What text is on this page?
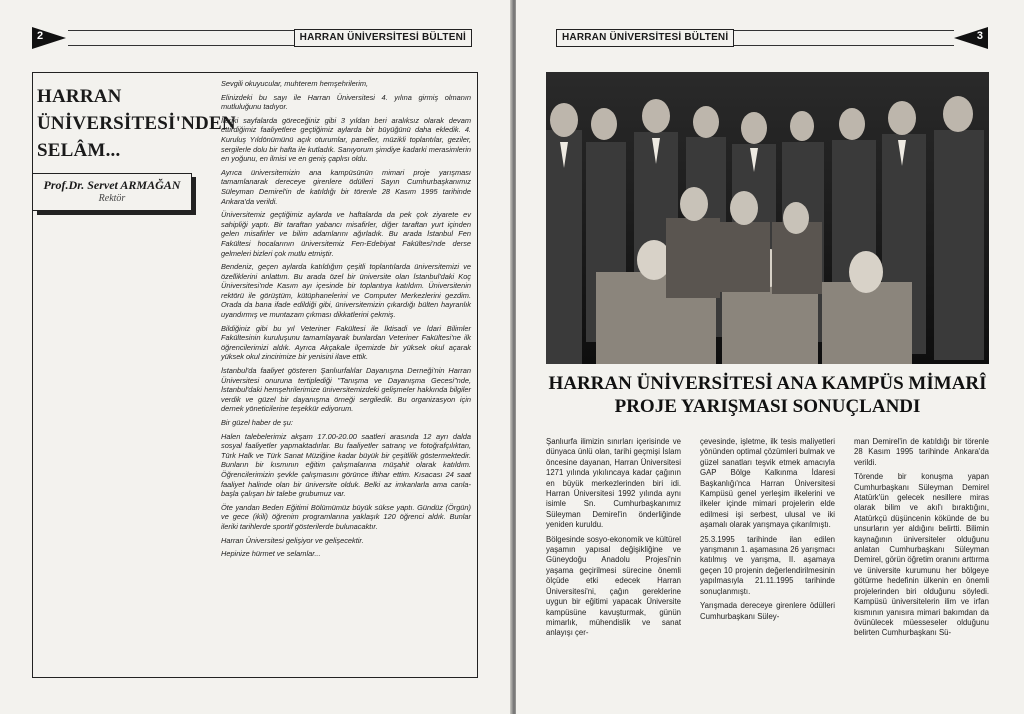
2	HARRAN ÜNİVERSİTESİ BÜLTENİ
HARRAN
ÜNİVERSİTESİ'NDEN
SELÂM...
Prof.Dr. Servet ARMAĞAN
Rektör

Sevgili okuyucular, muhterem hemşehrilerim,

Elinizdeki bu sayı ile Harran Üniversitesi 4. yılına girmiş olmanın mutluluğunu tadıyor.

İleriki sayfalarda göreceğiniz gibi 3 yıldan beri aralıksız olarak devam ettirdiğimiz faaliyetlere geçtiğimiz aylarda bir büyüğünü daha ekledik. 4. Kuruluş Yıldönümünü açık oturumlar, paneller, müzikli toplantılar, geziler, sergilerle dolu bir hafta ile kutladık. Sanıyorum şimdiye kadarki merasimlerin en yoğunu, en ilmisi ve en geniş çaplısı oldu.

Ayrıca üniversitemizin ana kampüsünün mimari proje yarışması tamamlanarak dereceye girenlere ödülleri Sayın Cumhurbaşkanımız Süleyman Demirel'in de katıldığı bir törenle 28 Kasım 1995 tarihinde Ankara'da verildi.

Üniversitemiz geçtiğimiz aylarda ve haftalarda da pek çok ziyarete ev sahipliği yaptı. Bir taraftan yabancı misafirler, diğer taraftan yurt içinden gelen misafirler ve bilim adamlarını ağırladık. Bu arada İstanbul Fen Fakültesi hocalarının üniversitemiz Fen-Edebiyat Fakültesi'nde derse gelmeleri bizleri çok mutlu etmiştir.

Bendeniz, geçen aylarda katıldığım çeşitli toplantılarda üniversitemizi ve özelliklerini anlattım. Bu arada özel bir üniversite olan İstanbul'daki Koç Üniversitesi'nde Kasım ayı içesinde bir toplantıya katıldım. Üniversitenin rektörü ile görüştüm, kütüphanelerini ve Computer Merkezlerini gezdim. Orada da bana ifade edildiği gibi, üniversitemizin çıkardığı bülten hayranlık uyandırmış ve muntazam çıkması dikkatlerini çekmiş.

Bildiğiniz gibi bu yıl Veteriner Fakültesi ile İktisadi ve İdari Bilimler Fakültesinin kuruluşunu tamamlayarak bunlardan Veteriner Fakültesi'ne ilk öğrencilerimizi aldık. Ayrıca Akçakale ilçemizde bir yüksek okul açarak yüksek okul zincirimize bir yenisini ilave ettik.

İstanbul'da faaliyet gösteren Şanlıurfalılar Dayanışma Derneği'nin Harran Üniversitesi onuruna tertiplediği "Tanışma ve Dayanışma Gecesi"nde, İstanbul'daki hemşehrilerimize üniversitemizdeki gelişmeler hakkında bilgiler verdik ve güzel bir dayanışma örneği sergiledik. Bu organizasyon için dernek yöneticilerine teşekkür ediyorum.

Bir güzel haber de şu:

Halen talebelerimiz akşam 17.00-20.00 saatleri arasında 12 ayrı dalda sosyal faaliyetler yapmaktadırlar. Bu faaliyetler satranç ve fotoğrafçılıktan, Türk Halk ve Türk Sanat Müziğine kadar büyük bir çeşitlilik göstermektedir. Bunların bir kısmının eğitim çalışmalarına müşahit olarak katıldım. Öğrencilerimizin şevkle çalışmasını görünce iftihar ettim. Kısacası 24 saat faaliyet halinde olan bir üniversite olduk. Belki az imkanlarla ama canla-başla çalışan bir talebe grubumuz var.

Öte yandan Beden Eğitimi Bölümümüz büyük sükse yaptı. Gündüz (Örgün) ve gece (ikili) öğrenim programlarına yaklaşık 120 öğrenci aldık. Bunlar ileriki tarihlerde sportif gösterilerde bulunacaktır.

Harran Üniversitesi gelişiyor ve gelişecektir.

Hepinize hürmet ve selamlar...

HARRAN ÜNİVERSİTESİ BÜLTENİ	3
HARRAN ÜNİVERSİTESİ ANA KAMPÜS MİMARÎ PROJE YARIŞMASI SONUÇLANDI

Şanlıurfa ilimizin sınırları içerisinde ve dünyaca ünlü olan, tarihi geçmişi İslam öncesine dayanan, Harran Üniversitesi 1271 yılında yıkılıncaya kadar çağının en büyük merkezlerinden biri idi. Harran Üniversitesi 1992 yılında aynı isimle Sn. Cumhurbaşkanımız Süleyman Demirel'in önderliğinde yeniden kuruldu.

Bölgesinde sosyo-ekonomik ve kültürel yaşamın yapısal değişikliğine ve Güneydoğu Anadolu Projesi'nin yaşama geçirilmesi sürecine önemli ölçüde etki edecek Harran Üniversitesi'ni, çağın gereklerine uygun bir eğitimi yapacak Üniversite kampüsüne kavuşturmak, günün mimarlık, mühendislik ve sanat anlayışı çer-

çevesinde, işletme, ilk tesis maliyetleri yönünden optimal çözümleri bulmak ve güzel sanatları teşvik etmek amacıyla GAP Bölge Kalkınma İdaresi Başkanlığı'nca Harran Üniversitesi Kampüsü genel yerleşim ilkelerini ve ilkeler içinde mimari projelerin elde edilmesi işi serbest, ulusal ve iki aşamalı olarak yarışmaya çıkarılmıştı.

25.3.1995 tarihinde ilan edilen yarışmanın 1. aşamasına 26 yarışmacı katılmış ve yarışma, II. aşamaya geçen 10 projenin değerlendirilmesinin yapılmasıyla 21.11.1995 tarihinde sonuçlanmıştı.

Yarışmada dereceye girenlere ödülleri Cumhurbaşkanı Süley-

man Demirel'in de katıldığı bir törenle 28 Kasım 1995 tarihinde Ankara'da verildi.

Törende bir konuşma yapan Cumhurbaşkanı Süleyman Demirel Atatürk'ün gelecek nesillere miras olarak bilim ve akıl'ı bıraktığını, Atatürkçü düşüncenin kökünde de bu unsurların yer aldığını belirtti. Bilimin kaynağının üniversiteler olduğunu anlatan Cumhurbaşkanı Süleyman Demirel, görün öğretim oranını arttırma ve üniversite kurumunu her bölgeye götürme hedefinin ülkenin en önemli projelerinden biri olduğunu söyledi. Kampüsü üniversitelerin ilim ve irfan kısmının yanısıra mimari bakımdan da övünülecek müesseseler olduğunu belirten Cumhurbaşkanı Sü-
